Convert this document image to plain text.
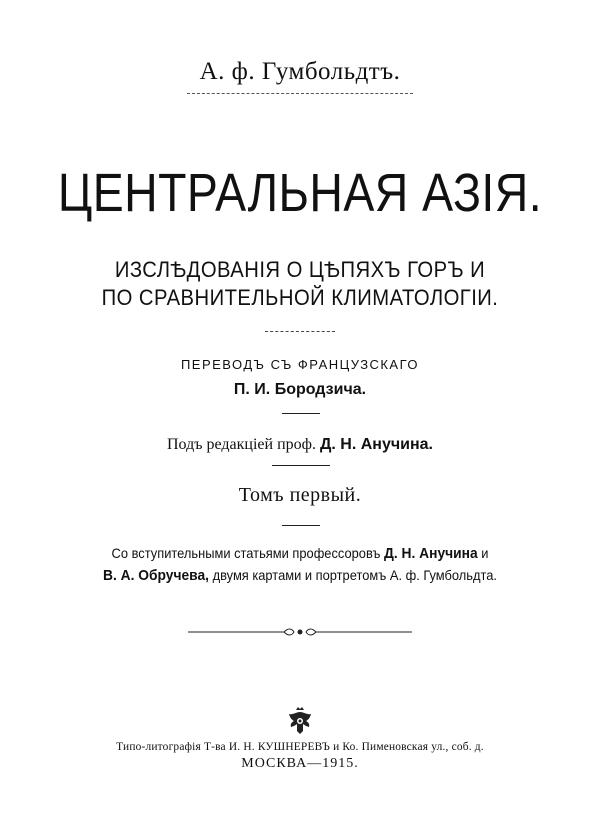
А. ф. Гумбольдтъ.
ЦЕНТРАЛЬНАЯ АЗІЯ.
ИЗСЛѢДОВАНІЯ О ЦѢПЯХЪ ГОРЪ И
ПО СРАВНИТЕЛЬНОЙ КЛИМАТОЛОГІИ.
ПЕРЕВОДЪ СЪ ФРАНЦУЗСКАГО
П. И. Бородзича.
Подъ редакціей проф. Д. Н. Анучина.
Томъ первый.
Со вступительными статьями профессоровъ Д. Н. Анучина и
В. А. Обручева, двумя картами и портретомъ А. ф. Гумбольдта.
Типо-литографія Т-ва И. Н. КУШНЕРЕВЪ и Ко. Пименовская ул., соб. д.
МОСКВА—1915.
